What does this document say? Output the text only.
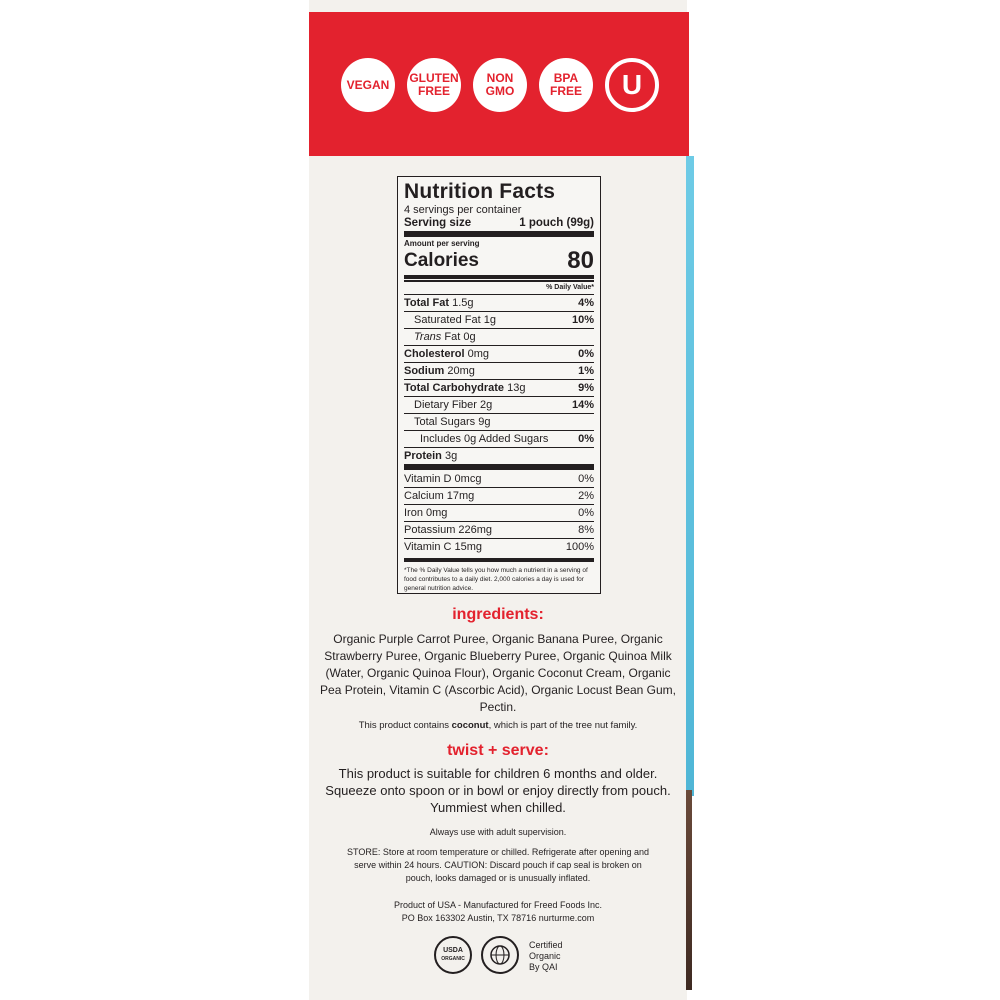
VEGAN	GLUTEN
FREE
NON
GMO
BPA
FREE	U
Nutrition Facts
4 servings per container
Serving size	1 pouch (99g)
Amount per serving
Calories	80
% Daily Value*
Total Fat 1.5g	4%
Saturated Fat 1g	10%
Trans Fat 0g
Cholesterol 0mg	0%
Sodium 20mg	1%
Total Carbohydrate 13g	9%
Dietary Fiber 2g	14%
Total Sugars 9g
Includes 0g Added Sugars	0%
Protein 3g
Vitamin D 0mcg	0%
Calcium 17mg	2%
Iron 0mg	0%
Potassium 226mg	8%
Vitamin C 15mg	100%
*The % Daily Value tells you how much a nutrient in a serving of food contributes to a daily diet. 2,000 calories a day is used for general nutrition advice.
ingredients:
Organic Purple Carrot Puree, Organic Banana Puree, Organic Strawberry Puree, Organic Blueberry Puree, Organic Quinoa Milk (Water, Organic Quinoa Flour), Organic Coconut Cream, Organic Pea Protein, Vitamin C (Ascorbic Acid), Organic Locust Bean Gum, Pectin.
This product contains coconut, which is part of the tree nut family.
twist + serve:
This product is suitable for children 6 months and older. Squeeze onto spoon or in bowl or enjoy directly from pouch. Yummiest when chilled.
Always use with adult supervision.
STORE: Store at room temperature or chilled. Refrigerate after opening and serve within 24 hours. CAUTION: Discard pouch if cap seal is broken on pouch, looks damaged or is unusually inflated.
Product of USA - Manufactured for Freed Foods Inc.
PO Box 163302 Austin, TX 78716 nurturme.com
USDA
ORGANIC
Certified
Organic
By QAI
